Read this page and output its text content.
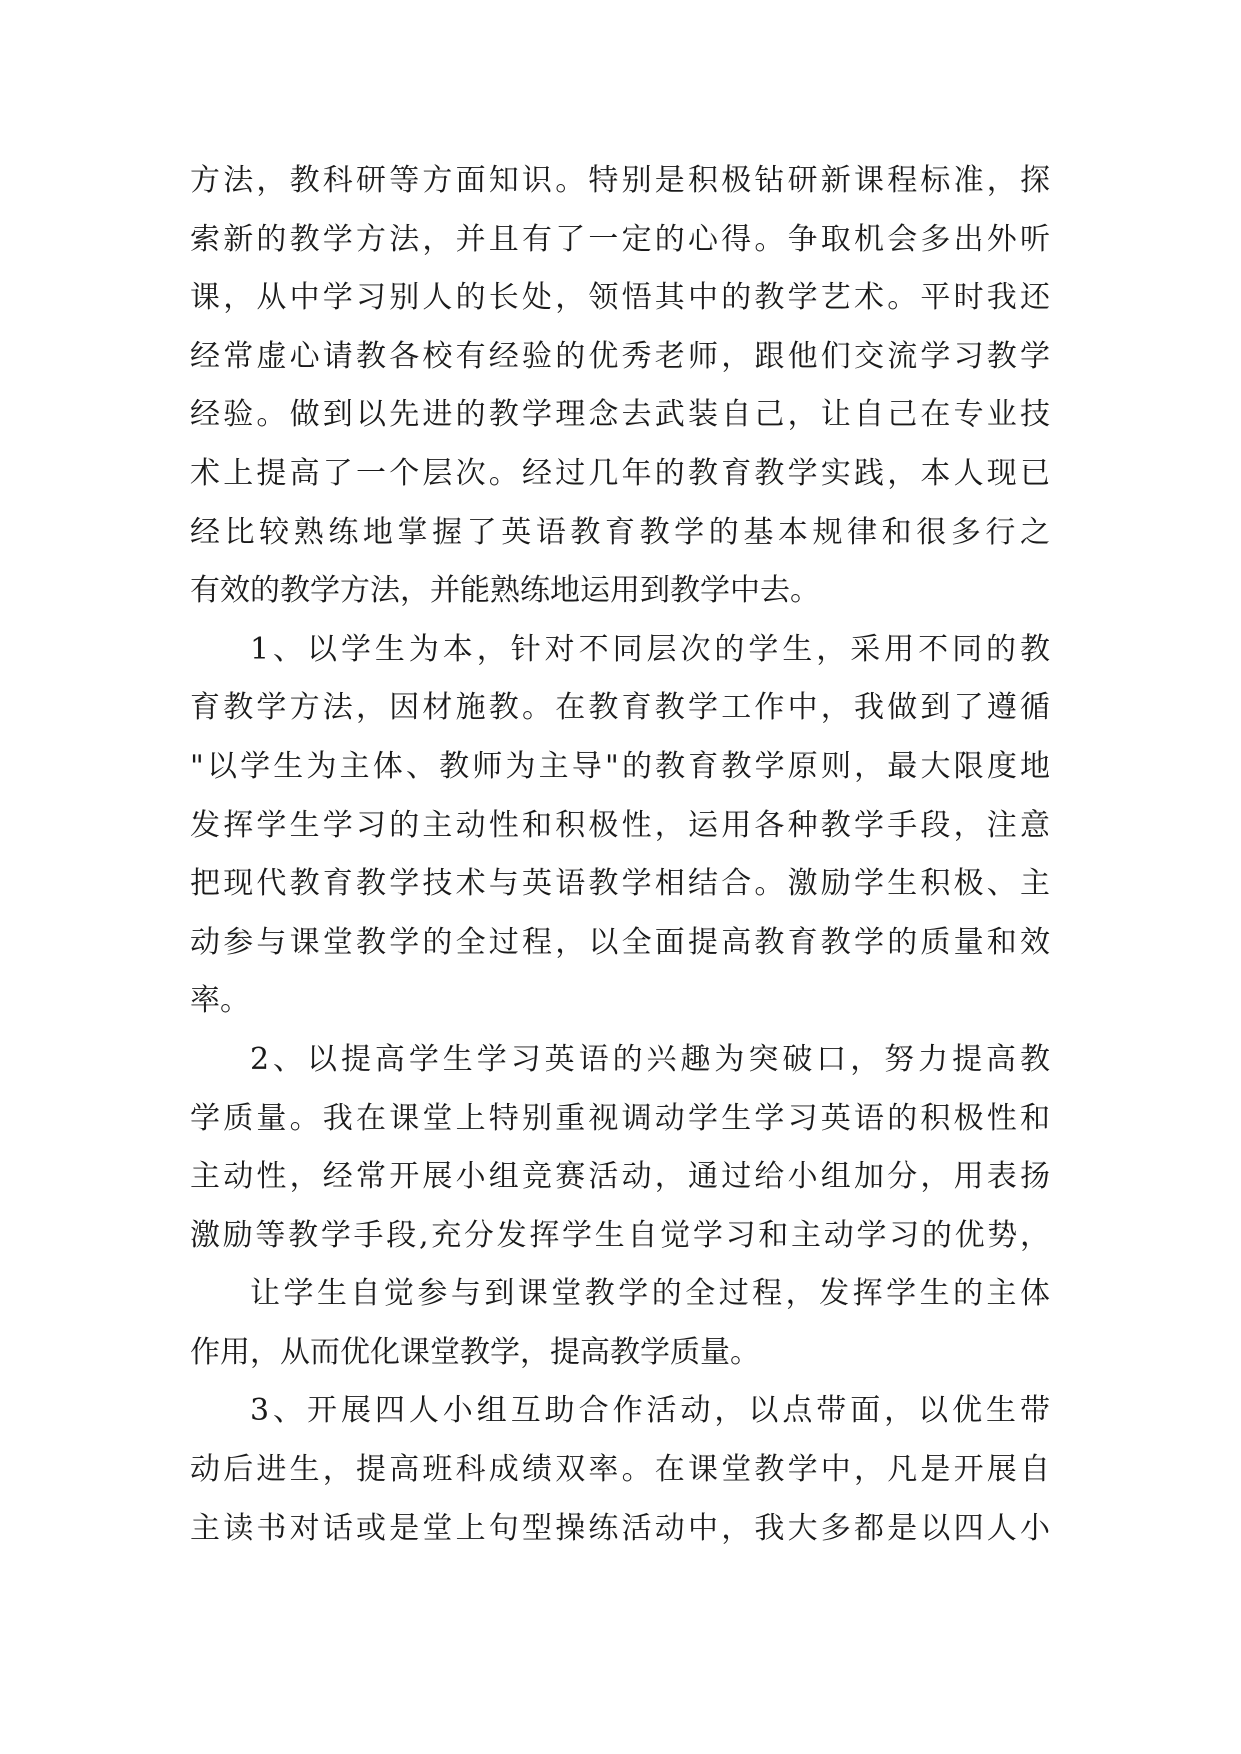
方法，教科研等方面知识。特别是积极钻研新课程标准，探
索新的教学方法，并且有了一定的心得。争取机会多出外听
课，从中学习别人的长处，领悟其中的教学艺术。平时我还
经常虚心请教各校有经验的优秀老师，跟他们交流学习教学
经验。做到以先进的教学理念去武装自己，让自己在专业技
术上提高了一个层次。经过几年的教育教学实践，本人现已
经比较熟练地掌握了英语教育教学的基本规律和很多行之
有效的教学方法，并能熟练地运用到教学中去。
1、以学生为本，针对不同层次的学生，采用不同的教
育教学方法，因材施教。在教育教学工作中，我做到了遵循
"以学生为主体、教师为主导"的教育教学原则，最大限度地
发挥学生学习的主动性和积极性，运用各种教学手段，注意
把现代教育教学技术与英语教学相结合。激励学生积极、主
动参与课堂教学的全过程，以全面提高教育教学的质量和效
率。
2、以提高学生学习英语的兴趣为突破口，努力提高教
学质量。我在课堂上特别重视调动学生学习英语的积极性和
主动性，经常开展小组竞赛活动，通过给小组加分，用表扬
激励等教学手段,充分发挥学生自觉学习和主动学习的优势，
让学生自觉参与到课堂教学的全过程，发挥学生的主体
作用，从而优化课堂教学，提高教学质量。
3、开展四人小组互助合作活动，以点带面，以优生带
动后进生，提高班科成绩双率。在课堂教学中，凡是开展自
主读书对话或是堂上句型操练活动中，我大多都是以四人小
